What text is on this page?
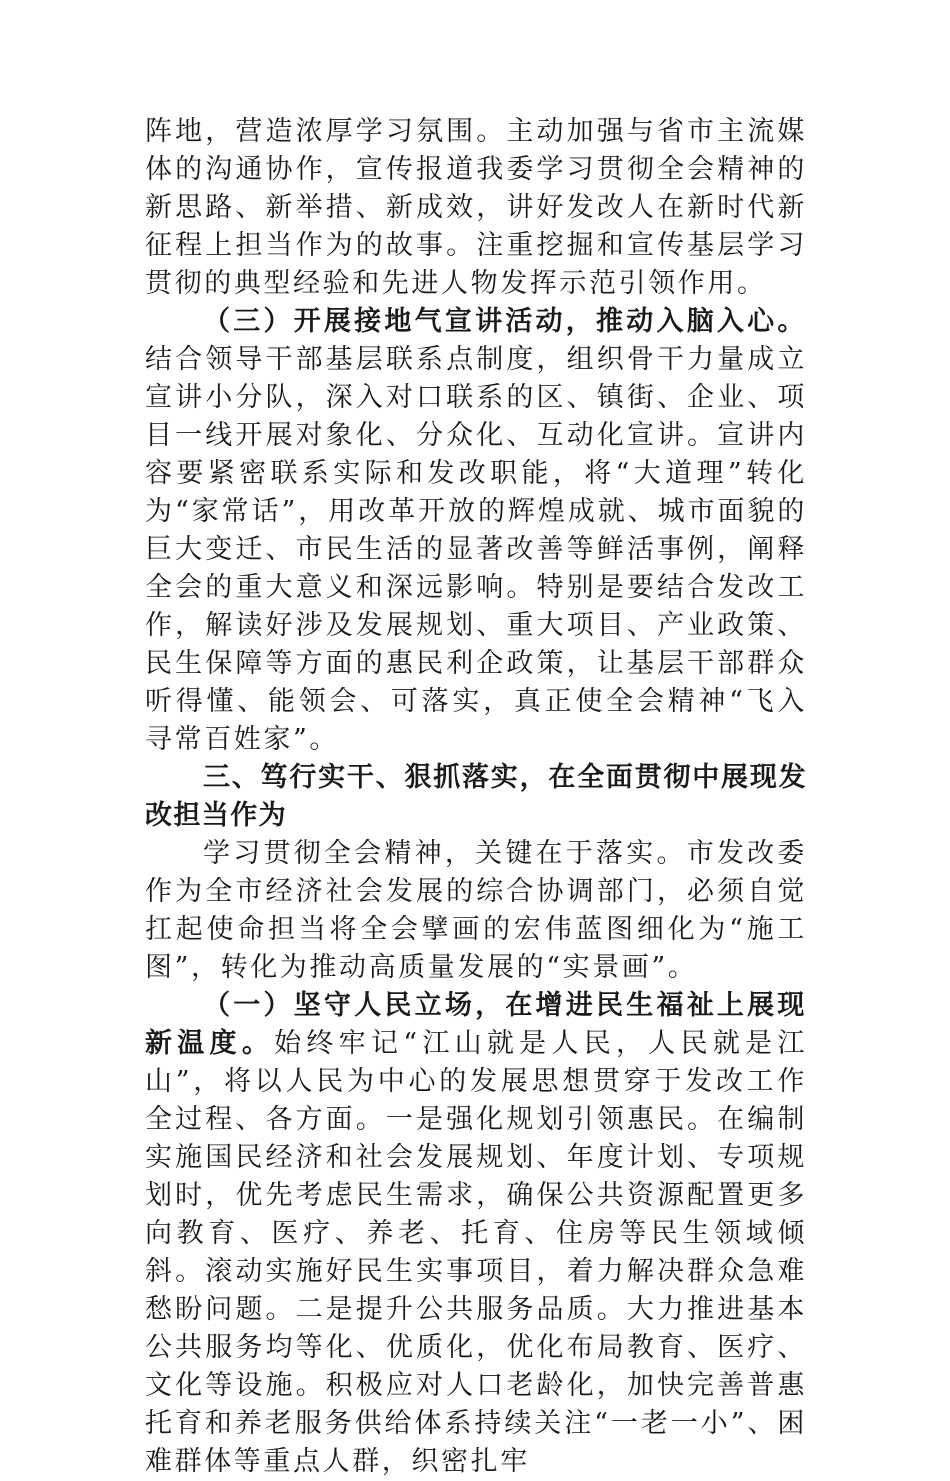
阵地，营造浓厚学习氛围。主动加强与省市主流媒体的沟通协作，宣传报道我委学习贯彻全会精神的新思路、新举措、新成效，讲好发改人在新时代新征程上担当作为的故事。注重挖掘和宣传基层学习贯彻的典型经验和先进人物发挥示范引领作用。

（三）开展接地气宣讲活动，推动入脑入心。结合领导干部基层联系点制度，组织骨干力量成立宣讲小分队，深入对口联系的区、镇街、企业、项目一线开展对象化、分众化、互动化宣讲。宣讲内容要紧密联系实际和发改职能，将“大道理”转化为“家常话”，用改革开放的辉煌成就、城市面貌的巨大变迁、市民生活的显著改善等鲜活事例，阐释全会的重大意义和深远影响。特别是要结合发改工作，解读好涉及发展规划、重大项目、产业政策、民生保障等方面的惠民利企政策，让基层干部群众听得懂、能领会、可落实，真正使全会精神“飞入寻常百姓家”。

三、笃行实干、狠抓落实，在全面贯彻中展现发改担当作为

学习贯彻全会精神，关键在于落实。市发改委作为全市经济社会发展的综合协调部门，必须自觉扛起使命担当将全会擘画的宏伟蓝图细化为“施工图”，转化为推动高质量发展的“实景画”。

（一）坚守人民立场，在增进民生福祉上展现新温度。始终牢记“江山就是人民，人民就是江山”，将以人民为中心的发展思想贯穿于发改工作全过程、各方面。一是强化规划引领惠民。在编制实施国民经济和社会发展规划、年度计划、专项规划时，优先考虑民生需求，确保公共资源配置更多向教育、医疗、养老、托育、住房等民生领域倾斜。滚动实施好民生实事项目，着力解决群众急难愁盼问题。二是提升公共服务品质。大力推进基本公共服务均等化、优质化，优化布局教育、医疗、文化等设施。积极应对人口老龄化，加快完善普惠托育和养老服务供给体系持续关注“一老一小”、困难群体等重点人群，织密扎牢
